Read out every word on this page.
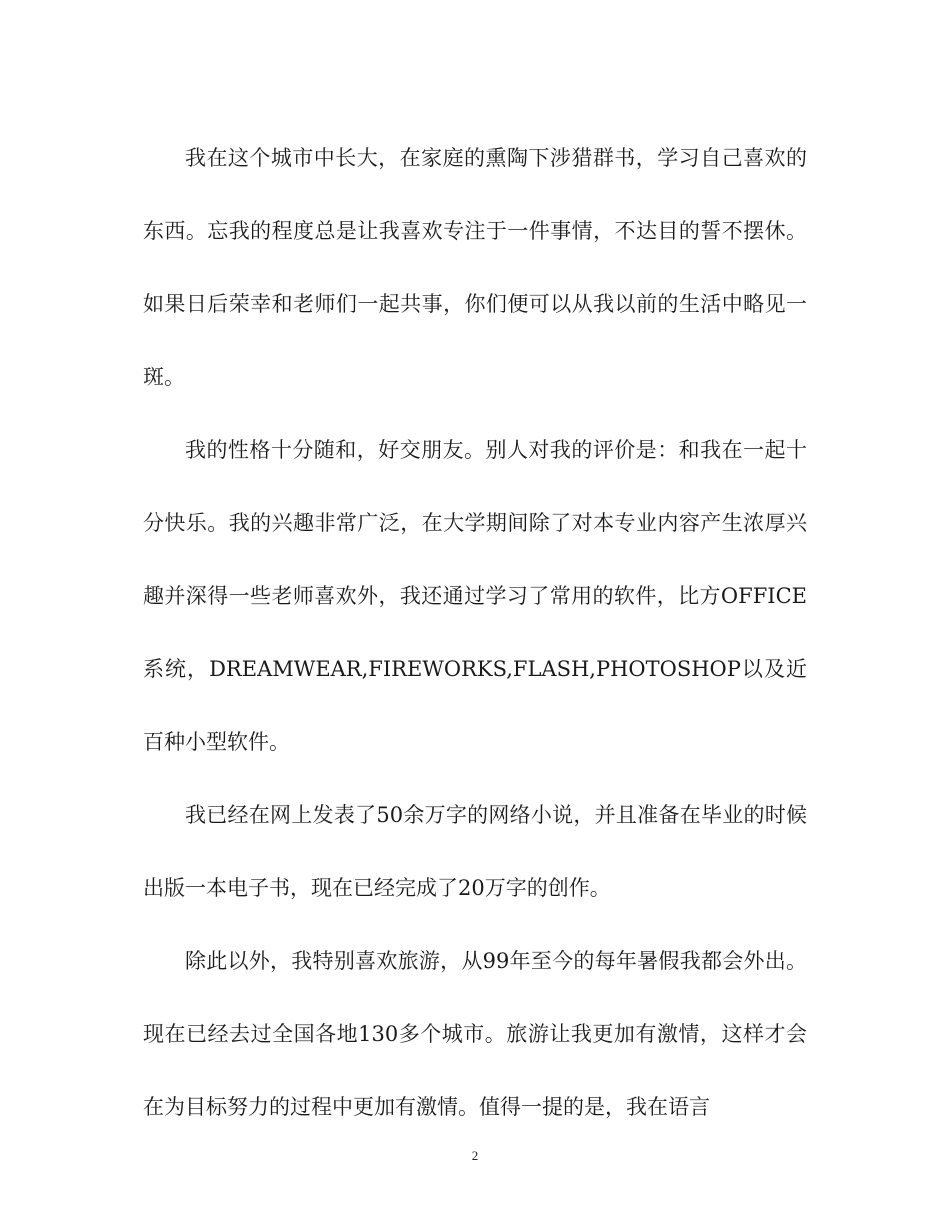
我在这个城市中长大，在家庭的熏陶下涉猎群书，学习自己喜欢的东西。忘我的程度总是让我喜欢专注于一件事情，不达目的誓不摆休。如果日后荣幸和老师们一起共事，你们便可以从我以前的生活中略见一斑。

我的性格十分随和，好交朋友。别人对我的评价是：和我在一起十分快乐。我的兴趣非常广泛，在大学期间除了对本专业内容产生浓厚兴趣并深得一些老师喜欢外，我还通过学习了常用的软件，比方OFFICE系统，DREAMWEAR,FIREWORKS,FLASH,PHOTOSHOP以及近百种小型软件。

我已经在网上发表了50余万字的网络小说，并且准备在毕业的时候出版一本电子书，现在已经完成了20万字的创作。

除此以外，我特别喜欢旅游，从99年至今的每年暑假我都会外出。现在已经去过全国各地130多个城市。旅游让我更加有激情，这样才会在为目标努力的过程中更加有激情。值得一提的是，我在语言

2
